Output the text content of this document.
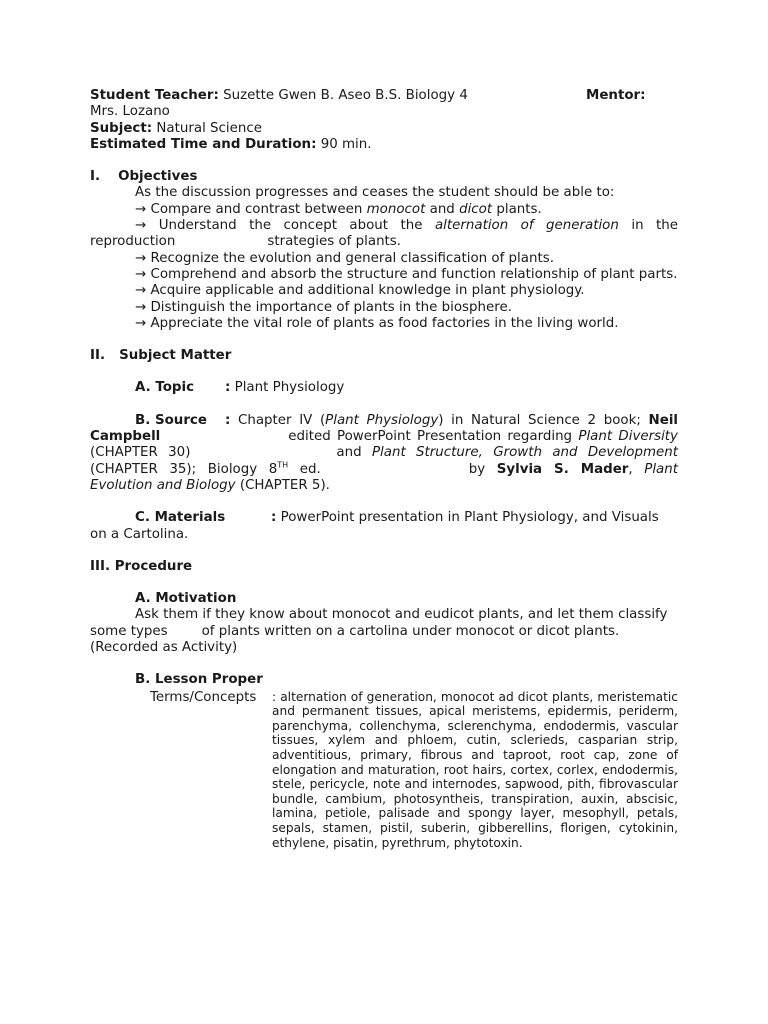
Student Teacher: Suzette Gwen B. Aseo B.S. Biology 4	Mentor:

Mrs. Lozano

Subject: Natural Science

Estimated Time and Duration: 90 min.

I. Objectives

As the discussion progresses and ceases the student should be able to:

→ Compare and contrast between monocot and dicot plants.

→ Understand the concept about the alternation of generation in the reproduction	strategies of plants.

→ Recognize the evolution and general classification of plants.

→ Comprehend and absorb the structure and function relationship of plant parts.

→ Acquire applicable and additional knowledge in plant physiology.

→ Distinguish the importance of plants in the biosphere.

→ Appreciate the vital role of plants as food factories in the living world.

II. Subject Matter

A. Topic : Plant Physiology

B. Source : Chapter IV (Plant Physiology) in Natural Science 2 book; Neil Campbell	edited PowerPoint Presentation regarding Plant Diversity (CHAPTER 30)	and Plant Structure, Growth and Development (CHAPTER 35); Biology 8TH ed.	by Sylvia S. Mader, Plant Evolution and Biology (CHAPTER 5).

C. Materials	: PowerPoint presentation in Plant Physiology, and Visuals on a Cartolina.

III. Procedure

A. Motivation

Ask them if they know about monocot and eudicot plants, and let them classify some types	of plants written on a cartolina under monocot or dicot plants. (Recorded as Activity)

B. Lesson Proper

Terms/Concepts	: alternation of generation, monocot ad dicot plants, meristematic and permanent tissues, apical meristems, epidermis, periderm, parenchyma, collenchyma, sclerenchyma, endodermis, vascular tissues, xylem and phloem, cutin, sclerieds, casparian strip, adventitious, primary, fibrous and taproot, root cap, zone of elongation and maturation, root hairs, cortex, corlex, endodermis, stele, pericycle, note and internodes, sapwood, pith, fibrovascular bundle, cambium, photosyntheis, transpiration, auxin, abscisic, lamina, petiole, palisade and spongy layer, mesophyll, petals, sepals, stamen, pistil, suberin, gibberellins, florigen, cytokinin, ethylene, pisatin, pyrethrum, phytotoxin.
